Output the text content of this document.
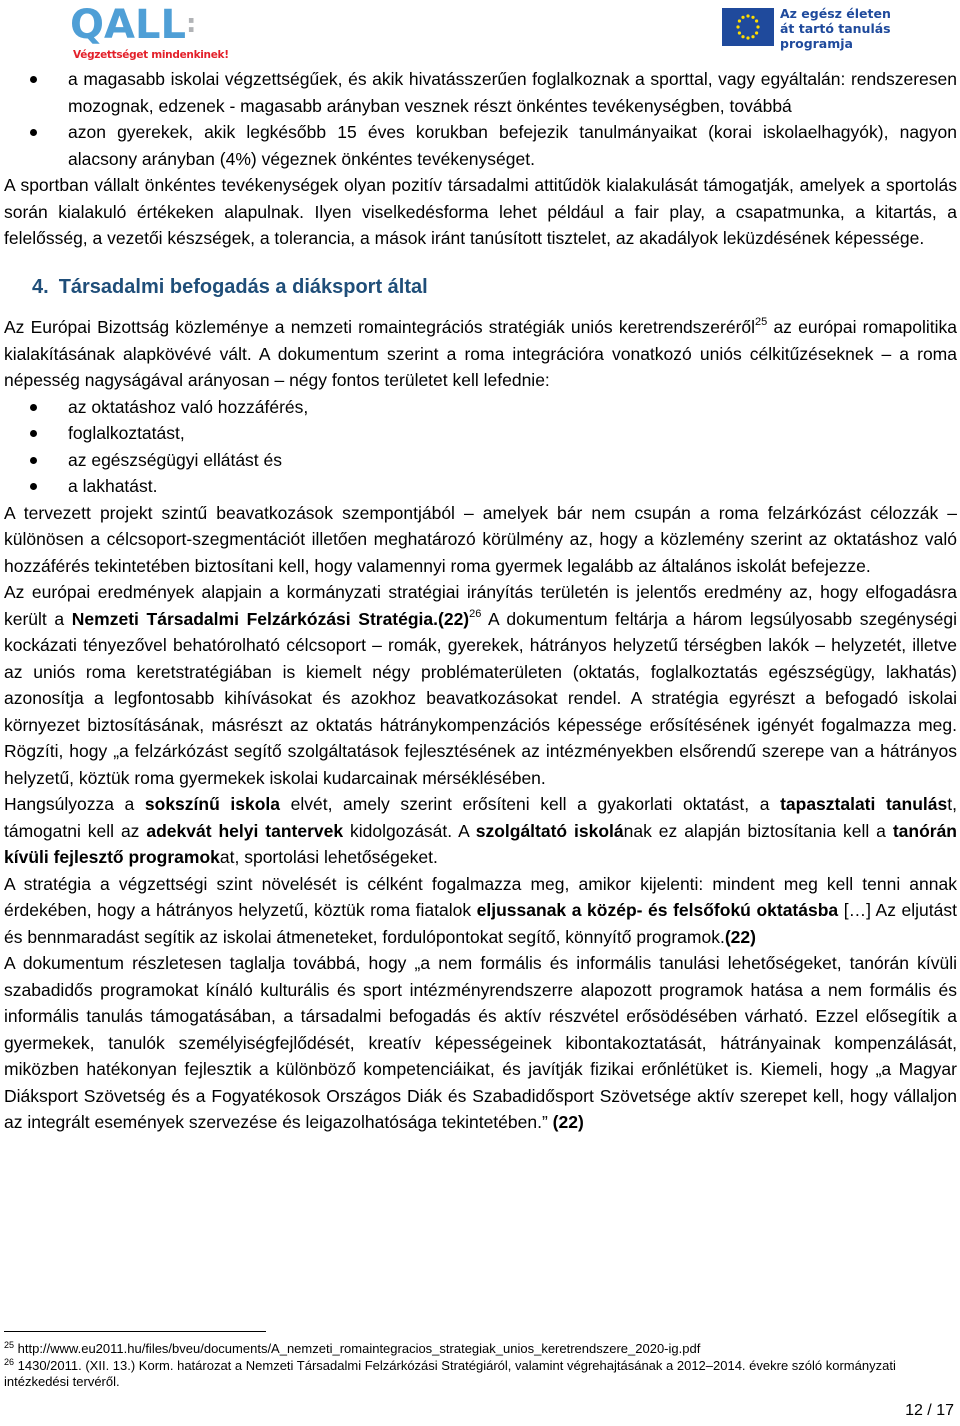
QALL:
Végzettséget mindenkinek!
Az egész életen
át tartó tanulás
programja

a magasabb iskolai végzettségűek, és akik hivatásszerűen foglalkoznak a sporttal, vagy egyáltalán: rendszeresen mozognak, edzenek - magasabb arányban vesznek részt önkéntes tevékenységben, továbbá

azon gyerekek, akik legkésőbb 15 éves korukban befejezik tanulmányaikat (korai iskolaelhagyók), nagyon alacsony arányban (4%) végeznek önkéntes tevékenységet.

A sportban vállalt önkéntes tevékenységek olyan pozitív társadalmi attitűdök kialakulását támogatják, amelyek a sportolás során kialakuló értékeken alapulnak. Ilyen viselkedésforma lehet például a fair play, a csapatmunka, a kitartás, a felelősség, a vezetői készségek, a tolerancia, a mások iránt tanúsított tisztelet, az akadályok leküzdésének képessége.

4. Társadalmi befogadás a diáksport által

Az Európai Bizottság közleménye a nemzeti romaintegrációs stratégiák uniós keretrendszeréről$^{25}$ az európai romapolitika kialakításának alapkövévé vált. A dokumentum szerint a roma integrációra vonatkozó uniós célkitűzéseknek – a roma népesség nagyságával arányosan – négy fontos területet kell lefednie:

az oktatáshoz való hozzáférés,

foglalkoztatást,

az egészségügyi ellátást és

a lakhatást.

A tervezett projekt szintű beavatkozások szempontjából – amelyek bár nem csupán a roma felzárkózást célozzák – különösen a célcsoport-szegmentációt illetően meghatározó körülmény az, hogy a közlemény szerint az oktatáshoz való hozzáférés tekintetében biztosítani kell, hogy valamennyi roma gyermek legalább az általános iskolát befejezze.

Az európai eredmények alapjain a kormányzati stratégiai irányítás területén is jelentős eredmény az, hogy elfogadásra került a Nemzeti Társadalmi Felzárkózási $Stratégia.(22)^{26}$ A dokumentum feltárja a három legsúlyosabb szegénységi kockázati tényezővel behatórolható célcsoport – romák, gyerekek, hátrányos helyzetű térségben lakók – helyzetét, illetve az uniós roma keretstratégiában is kiemelt négy problématerületen (oktatás, foglalkoztatás egészségügy, lakhatás) azonosítja a legfontosabb kihívásokat és azokhoz beavatkozásokat rendel. A stratégia egyrészt a befogadó iskolai környezet biztosításának, másrészt az oktatás hátránykompenzációs képessége erősítésének igényét fogalmazza meg. Rögzíti, hogy „a felzárkózást segítő szolgáltatások fejlesztésének az intézményekben elsőrendű szerepe van a hátrányos helyzetű, köztük roma gyermekek iskolai kudarcainak mérséklésében.

Hangsúlyozza a sokszínű iskola elvét, amely szerint erősíteni kell a gyakorlati oktatást, a tapasztalati tanulást, támogatni kell az adekvát helyi tantervek kidolgozását. A szolgáltató iskolának ez alapján biztosítania kell a tanórán kívüli fejlesztő programokat, sportolási lehetőségeket.

A stratégia a végzettségi szint növelését is célként fogalmazza meg, amikor kijelenti: mindent meg kell tenni annak érdekében, hogy a hátrányos helyzetű, köztük roma fiatalok eljussanak a közép- és felsőfokú oktatásba […] Az eljutást és bennmaradást segítik az iskolai átmeneteket, fordulópontokat segítő, könnyítő programok.(22)

A dokumentum részletesen taglalja továbbá, hogy „a nem formális és informális tanulási lehetőségeket, tanórán kívüli szabadidős programokat kínáló kulturális és sport intézményrendszerre alapozott programok hatása a nem formális és informális tanulás támogatásában, a társadalmi befogadás és aktív részvétel erősödésében várható. Ezzel elősegítik a gyermekek, tanulók személyiségfejlődését, kreatív képességeinek kibontakoztatását, hátrányainak kompenzálását, miközben hatékonyan fejlesztik a különböző kompetenciáikat, és javítják fizikai erőnlétüket is. Kiemeli, hogy „a Magyar Diáksport Szövetség és a Fogyatékosok Országos Diák és Szabadidősport Szövetsége aktív szerepet kell, hogy vállaljon az integrált események szervezése és leigazolhatósága tekintetében.” (22)

$^{25}$ http://www.eu2011.hu/files/bveu/documents/A_nemzeti_romaintegracios_strategiak_unios_keretrendszere_2020-ig.pdf
$^{26}$ 1430/2011. (XII. 13.) Korm. határozat a Nemzeti Társadalmi Felzárkózási Stratégiáról, valamint végrehajtásának a 2012–2014. évekre szóló kormányzati intézkedési tervéről.
12 / 17
